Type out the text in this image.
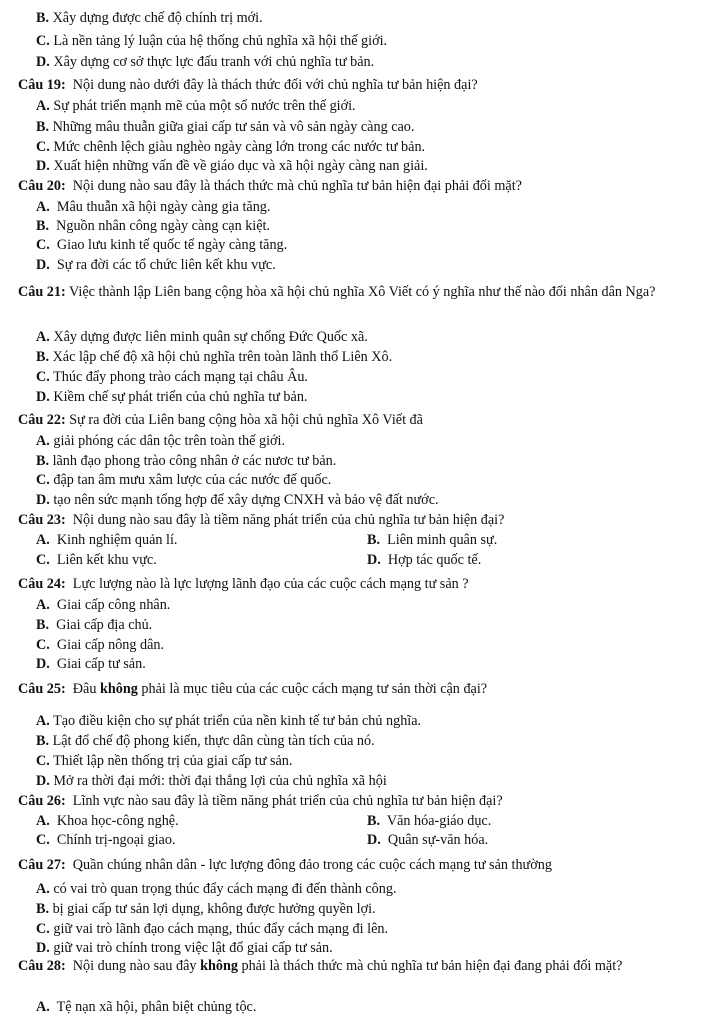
B. Xây dựng được chế độ chính trị mới.
C. Là nền tảng lý luận của hệ thống chủ nghĩa xã hội thế giới.
D. Xây dựng cơ sở thực lực đấu tranh với chủ nghĩa tư bản.
Câu 19: Nội dung nào dưới đây là thách thức đối với chủ nghĩa tư bản hiện đại?
A. Sự phát triển mạnh mẽ của một số nước trên thế giới.
B. Những mâu thuẫn giữa giai cấp tư sản và vô sản ngày càng cao.
C. Mức chênh lệch giàu nghèo ngày càng lớn trong các nước tư bản.
D. Xuất hiện những vấn đề về giáo dục và xã hội ngày càng nan giải.
Câu 20: Nội dung nào sau đây là thách thức mà chủ nghĩa tư bản hiện đại phải đối mặt?
A. Mâu thuẫn xã hội ngày càng gia tăng.
B. Nguồn nhân công ngày càng cạn kiệt.
C. Giao lưu kinh tế quốc tế ngày càng tăng.
D. Sự ra đời các tổ chức liên kết khu vực.
Câu 21: Việc thành lập Liên bang cộng hòa xã hội chủ nghĩa Xô Viết có ý nghĩa như thế nào đối nhân dân Nga?
A. Xây dựng được liên minh quân sự chống Đức Quốc xã.
B. Xác lập chế độ xã hội chủ nghĩa trên toàn lãnh thổ Liên Xô.
C. Thúc đẩy phong trào cách mạng tại châu Âu.
D. Kiềm chế sự phát triển của chủ nghĩa tư bản.
Câu 22: Sự ra đời của Liên bang cộng hòa xã hội chủ nghĩa Xô Viết đã
A. giải phóng các dân tộc trên toàn thế giới.
B. lãnh đạo phong trào công nhân ở các nươc tư bản.
C. đập tan âm mưu xâm lược của các nước đế quốc.
D. tạo nên sức mạnh tổng hợp để xây dựng CNXH và bảo vệ đất nước.
Câu 23: Nội dung nào sau đây là tiềm năng phát triển của chủ nghĩa tư bản hiện đại?
A. Kinh nghiệm quản lí.	B. Liên minh quân sự.
C. Liên kết khu vực.	D. Hợp tác quốc tế.
Câu 24: Lực lượng nào là lực lượng lãnh đạo của các cuộc cách mạng tư sản ?
A. Giai cấp công nhân.
B. Giai cấp địa chủ.
C. Giai cấp nông dân.
D. Giai cấp tư sản.
Câu 25: Đâu không phải là mục tiêu của các cuộc cách mạng tư sản thời cận đại?
A. Tạo điều kiện cho sự phát triển của nền kinh tế tư bản chủ nghĩa.
B. Lật đổ chế độ phong kiến, thực dân cùng tàn tích của nó.
C. Thiết lập nền thống trị của giai cấp tư sản.
D. Mở ra thời đại mới: thời đại thắng lợi của chủ nghĩa xã hội
Câu 26: Lĩnh vực nào sau đây là tiềm năng phát triển của chủ nghĩa tư bản hiện đại?
A. Khoa học-công nghệ.	B. Văn hóa-giáo dục.
C. Chính trị-ngoại giao.	D. Quân sự-văn hóa.
Câu 27: Quần chúng nhân dân - lực lượng đông đảo trong các cuộc cách mạng tư sản thường
A. có vai trò quan trọng thúc đẩy cách mạng đi đến thành công.
B. bị giai cấp tư sản lợi dụng, không được hưởng quyền lợi.
C. giữ vai trò lãnh đạo cách mạng, thúc đẩy cách mạng đi lên.
D. giữ vai trò chính trong việc lật đổ giai cấp tư sản.
Câu 28: Nội dung nào sau đây không phải là thách thức mà chủ nghĩa tư bản hiện đại đang phải đối mặt?
A. Tệ nạn xã hội, phân biệt chủng tộc.
